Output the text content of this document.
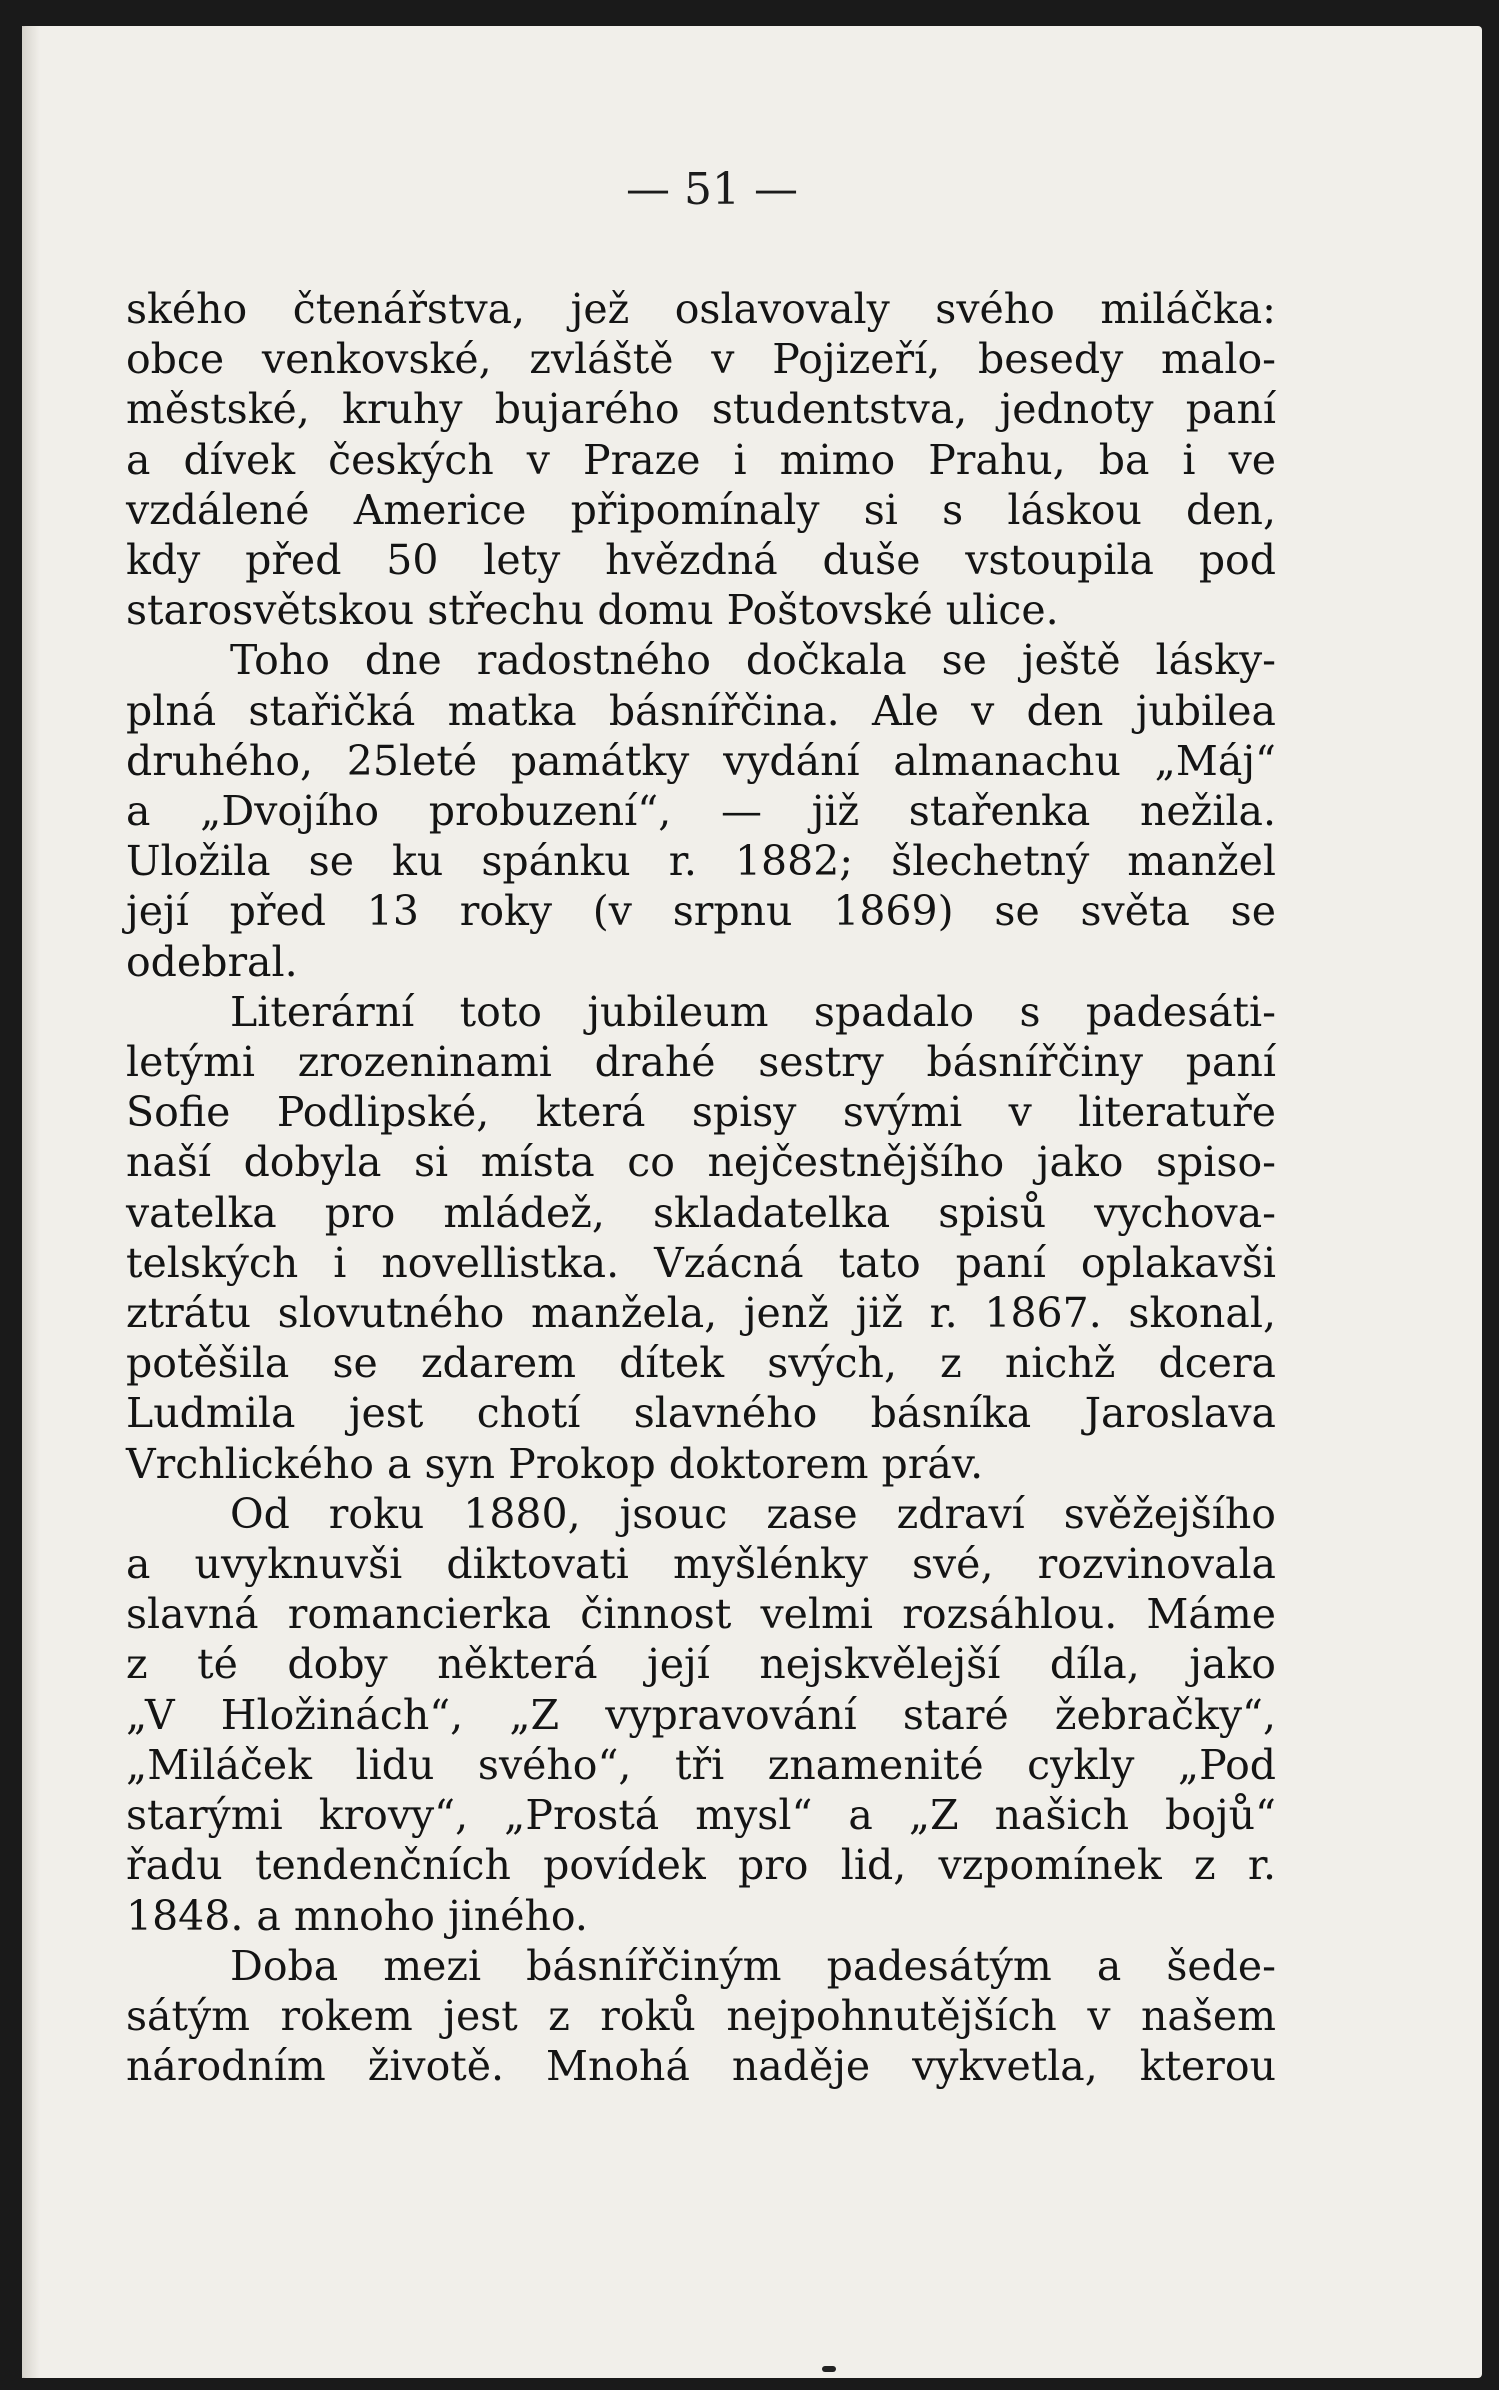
— 51 —
ského čtenářstva, jež oslavovaly svého miláčka:
obce venkovské, zvláště v Pojizeří, besedy malo-
městské, kruhy bujarého studentstva, jednoty paní
a dívek českých v Praze i mimo Prahu, ba i ve
vzdálené Americe připomínaly si s láskou den,
kdy před 50 lety hvězdná duše vstoupila pod
starosvětskou střechu domu Poštovské ulice.
Toho dne radostného dočkala se ještě lásky-
plná stařičká matka básnířčina. Ale v den jubilea
druhého, 25leté památky vydání almanachu „Máj“
a „Dvojího probuzení“, — již stařenka nežila.
Uložila se ku spánku r. 1882; šlechetný manžel
její před 13 roky (v srpnu 1869) se světa se
odebral.
Literární toto jubileum spadalo s padesáti-
letými zrozeninami drahé sestry básnířčiny paní
Sofie Podlipské, která spisy svými v literatuře
naší dobyla si místa co nejčestnějšího jako spiso-
vatelka pro mládež, skladatelka spisů vychova-
telských i novellistka. Vzácná tato paní oplakavši
ztrátu slovutného manžela, jenž již r. 1867. skonal,
potěšila se zdarem dítek svých, z nichž dcera
Ludmila jest chotí slavného básníka Jaroslava
Vrchlického a syn Prokop doktorem práv.
Od roku 1880, jsouc zase zdraví svěžejšího
a uvyknuvši diktovati myšlénky své, rozvinovala
slavná romancierka činnost velmi rozsáhlou. Máme
z té doby některá její nejskvělejší díla, jako
„V Hložinách“, „Z vypravování staré žebračky“,
„Miláček lidu svého“, tři znamenité cykly „Pod
starými krovy“, „Prostá mysl“ a „Z našich bojů“
řadu tendenčních povídek pro lid, vzpomínek z r.
1848. a mnoho jiného.
Doba mezi básnířčiným padesátým a šede-
sátým rokem jest z roků nejpohnutějších v našem
národním životě. Mnohá naděje vykvetla, kterou
